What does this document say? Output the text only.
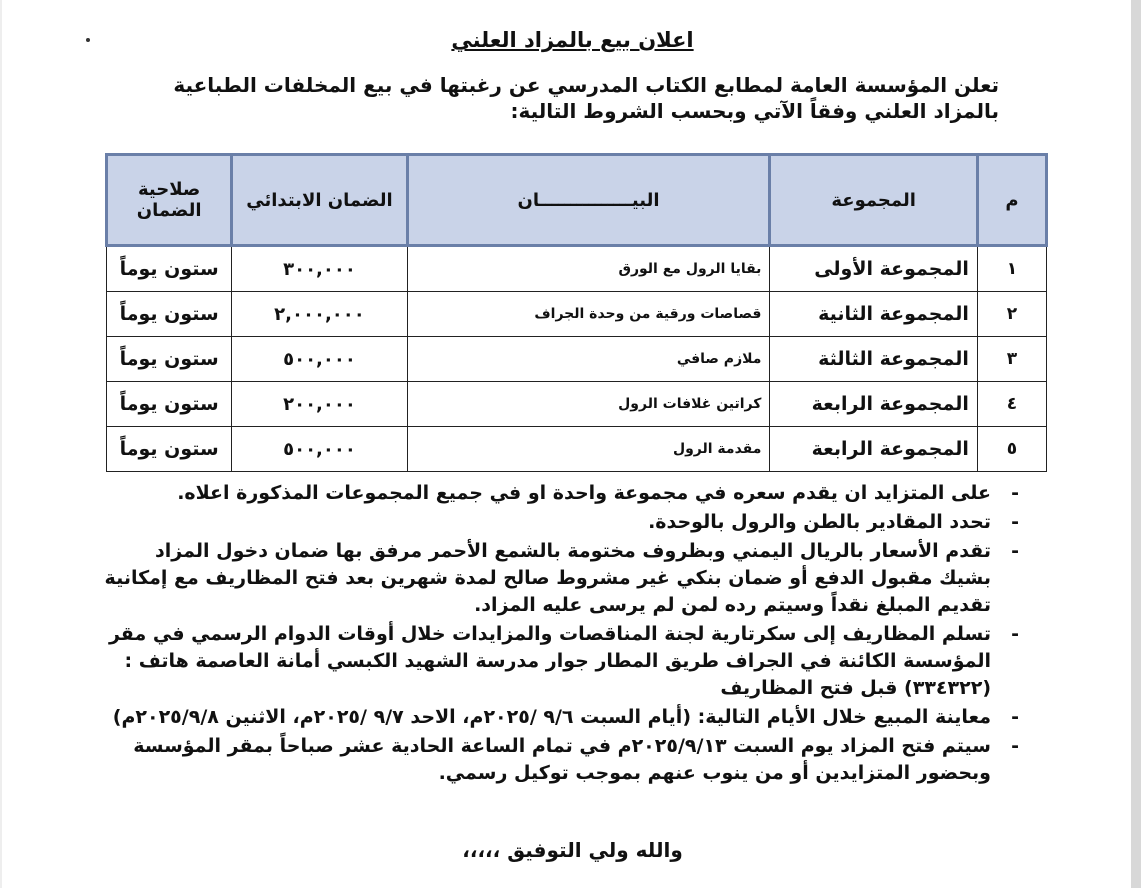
اعلان بيع بالمزاد العلني
تعلن المؤسسة العامة لمطابع الكتاب المدرسي عن رغبتها في بيع المخلفات الطباعية بالمزاد العلني وفقاً الآتي وبحسب الشروط التالية:
م	المجموعة	البيـــــــــــــــان	الضمان الابتدائي	صلاحية الضمان
١	المجموعة الأولى	بقايا الرول مع الورق	٣٠٠,٠٠٠	ستون يوماً
٢	المجموعة الثانية	قصاصات ورقية من وحدة الجراف	٢,٠٠٠,٠٠٠	ستون يوماً
٣	المجموعة الثالثة	ملازم صافي	٥٠٠,٠٠٠	ستون يوماً
٤	المجموعة الرابعة	كراتين غلافات الرول	٢٠٠,٠٠٠	ستون يوماً
٥	المجموعة الرابعة	مقدمة الرول	٥٠٠,٠٠٠	ستون يوماً
-
على المتزايد ان يقدم سعره في مجموعة واحدة او في جميع المجموعات المذكورة اعلاه.
-
تحدد المقادير بالطن والرول بالوحدة.
-
تقدم الأسعار بالريال اليمني وبظروف مختومة بالشمع الأحمر مرفق بها ضمان دخول المزاد بشيك مقبول الدفع أو ضمان بنكي غير مشروط صالح لمدة شهرين بعد فتح المظاريف مع إمكانية تقديم المبلغ نقداً وسيتم رده لمن لم يرسى عليه المزاد.
-
تسلم المظاريف إلى سكرتارية لجنة المناقصات والمزايدات خلال أوقات الدوام الرسمي في مقر المؤسسة الكائنة في الجراف طريق المطار جوار مدرسة الشهيد الكبسي أمانة العاصمة هاتف : (٣٣٤٣٢٢) قبل فتح المظاريف
-
معاينة المبيع خلال الأيام التالية: (أيام السبت ٩/٦ /٢٠٢٥م، الاحد ٩/٧ /٢٠٢٥م، الاثنين ٢٠٢٥/٩/٨م)
-
سيتم فتح المزاد يوم السبت ٢٠٢٥/٩/١٣م في تمام الساعة الحادية عشر صباحاً بمقر المؤسسة وبحضور المتزايدين أو من ينوب عنهم بموجب توكيل رسمي.
والله ولي التوفيق ،،،،،
